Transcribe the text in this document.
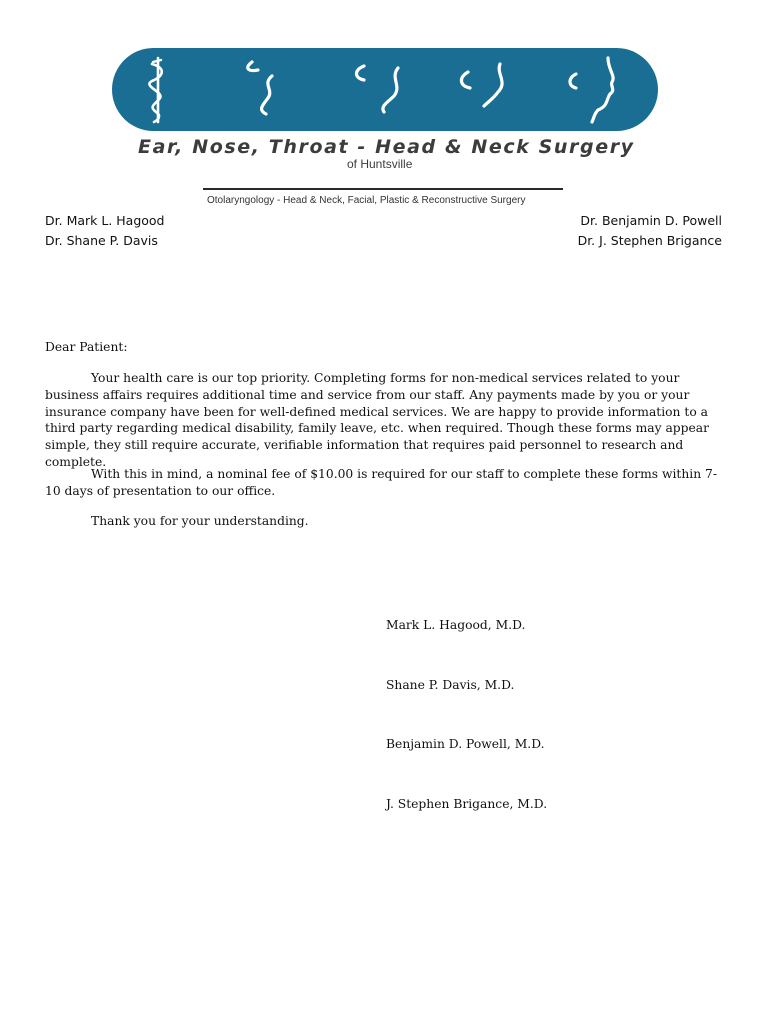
Ear, Nose, Throat - Head & Neck Surgery
of Huntsville
Otolaryngology - Head & Neck, Facial, Plastic & Reconstructive Surgery
Dr. Mark L. Hagood
Dr. Shane P. Davis
Dr. Benjamin D. Powell
Dr. J. Stephen Brigance
Dear Patient:

Your health care is our top priority. Completing forms for non-medical services related to your business affairs requires additional time and service from our staff. Any payments made by you or your insurance company have been for well-defined medical services. We are happy to provide information to a third party regarding medical disability, family leave, etc. when required. Though these forms may appear simple, they still require accurate, verifiable information that requires paid personnel to research and complete.

With this in mind, a nominal fee of $10.00 is required for our staff to complete these forms within 7-10 days of presentation to our office.

Thank you for your understanding.

Mark L. Hagood, M.D.
Shane P. Davis, M.D.
Benjamin D. Powell, M.D.
J. Stephen Brigance, M.D.
